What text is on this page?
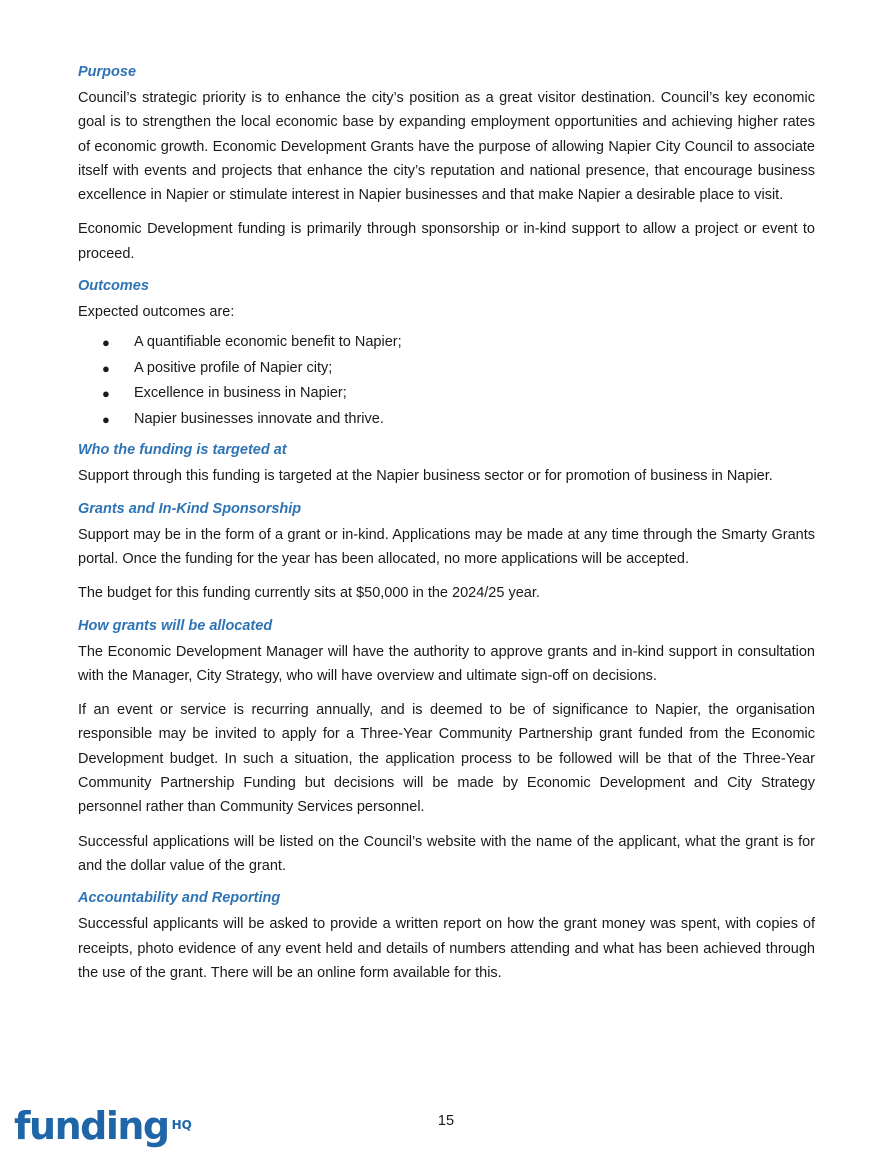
Purpose

Council’s strategic priority is to enhance the city’s position as a great visitor destination. Council’s key economic goal is to strengthen the local economic base by expanding employment opportunities and achieving higher rates of economic growth. Economic Development Grants have the purpose of allowing Napier City Council to associate itself with events and projects that enhance the city’s reputation and national presence, that encourage business excellence in Napier or stimulate interest in Napier businesses and that make Napier a desirable place to visit.

Economic Development funding is primarily through sponsorship or in-kind support to allow a project or event to proceed.

Outcomes

Expected outcomes are:

●	A quantifiable economic benefit to Napier;
●	A positive profile of Napier city;
●	Excellence in business in Napier;
●	Napier businesses innovate and thrive.
Who the funding is targeted at

Support through this funding is targeted at the Napier business sector or for promotion of business in Napier.

Grants and In-Kind Sponsorship

Support may be in the form of a grant or in-kind. Applications may be made at any time through the Smarty Grants portal. Once the funding for the year has been allocated, no more applications will be accepted.

The budget for this funding currently sits at $50,000 in the 2024/25 year.

How grants will be allocated

The Economic Development Manager will have the authority to approve grants and in-kind support in consultation with the Manager, City Strategy, who will have overview and ultimate sign-off on decisions.

If an event or service is recurring annually, and is deemed to be of significance to Napier, the organisation responsible may be invited to apply for a Three-Year Community Partnership grant funded from the Economic Development budget. In such a situation, the application process to be followed will be that of the Three-Year Community Partnership Funding but decisions will be made by Economic Development and City Strategy personnel rather than Community Services personnel.

Successful applications will be listed on the Council’s website with the name of the applicant, what the grant is for and the dollar value of the grant.

Accountability and Reporting

Successful applicants will be asked to provide a written report on how the grant money was spent, with copies of receipts, photo evidence of any event held and details of numbers attending and what has been achieved through the use of the grant. There will be an online form available for this.

funding HQ	15
